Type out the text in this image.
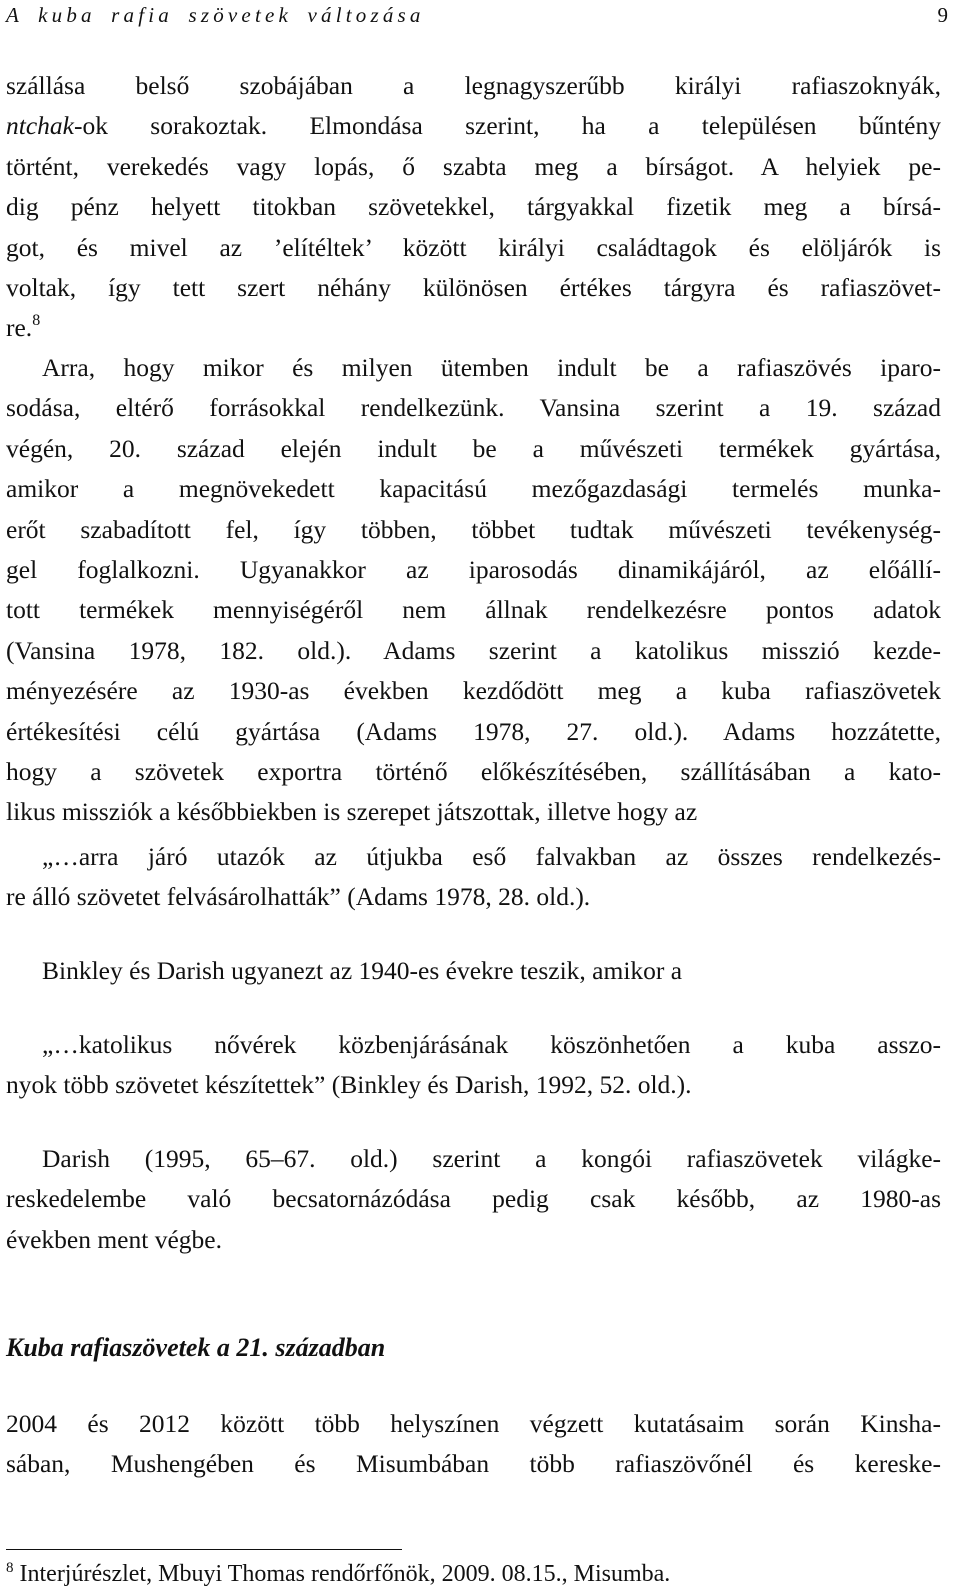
A kuba rafia szövetek változása	9
szállása belső szobájában a legnagyszerűbb királyi rafiaszoknyák,
ntchak-ok sorakoztak. Elmondása szerint, ha a településen bűntény
történt, verekedés vagy lopás, ő szabta meg a bírságot. A helyiek pe-
dig pénz helyett titokban szövetekkel, tárgyakkal fizetik meg a bírsá-
got, és mivel az ’elítéltek’ között királyi családtagok és elöljárók is
voltak, így tett szert néhány különösen értékes tárgyra és rafiaszövet-
re.$^8$
Arra, hogy mikor és milyen ütemben indult be a rafiaszövés iparo-
sodása, eltérő forrásokkal rendelkezünk. Vansina szerint a 19. század
végén, 20. század elején indult be a művészeti termékek gyártása,
amikor a megnövekedett kapacitású mezőgazdasági termelés munka-
erőt szabadított fel, így többen, többet tudtak művészeti tevékenység-
gel foglalkozni. Ugyanakkor az iparosodás dinamikájáról, az előállí-
tott termékek mennyiségéről nem állnak rendelkezésre pontos adatok
(Vansina 1978, 182. old.). Adams szerint a katolikus misszió kezde-
ményezésére az 1930-as években kezdődött meg a kuba rafiaszövetek
értékesítési célú gyártása (Adams 1978, 27. old.). Adams hozzátette,
hogy a szövetek exportra történő előkészítésében, szállításában a kato-
likus missziók a későbbiekben is szerepet játszottak, illetve hogy az
„…arra járó utazók az útjukba eső falvakban az összes rendelkezés-
re álló szövetet felvásárolhatták” (Adams 1978, 28. old.).
Binkley és Darish ugyanezt az 1940-es évekre teszik, amikor a
„…katolikus nővérek közbenjárásának köszönhetően a kuba asszo-
nyok több szövetet készítettek” (Binkley és Darish, 1992, 52. old.).
Darish (1995, 65–67. old.) szerint a kongói rafiaszövetek világke-
reskedelembe való becsatornázódása pedig csak később, az 1980-as
években ment végbe.
Kuba rafiaszövetek a 21. században
2004 és 2012 között több helyszínen végzett kutatásaim során Kinsha-
sában, Mushengében és Misumbában több rafiaszövőnél és kereske-
$^8$ Interjúrészlet, Mbuyi Thomas rendőrfőnök, 2009. 08.15., Misumba.
